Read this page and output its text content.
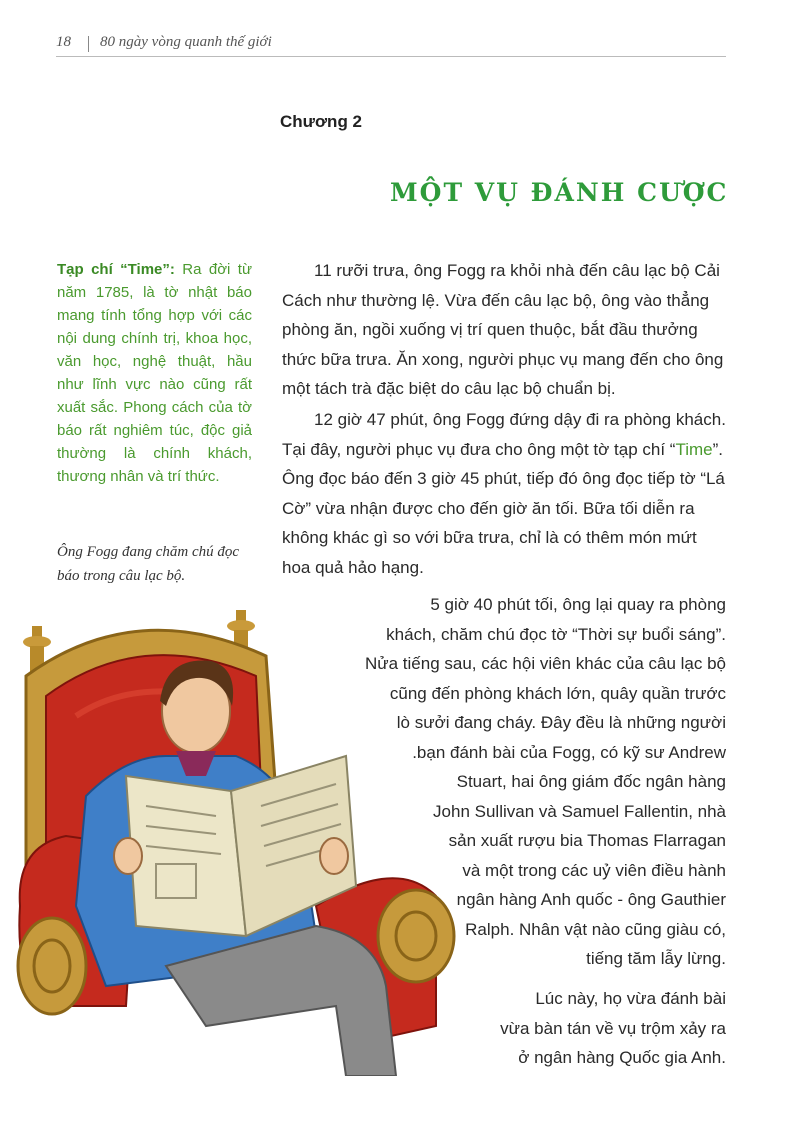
18 80 ngày vòng quanh thế giới
Chương 2
MỘT VỤ ĐÁNH CƯỢC
Tạp chí “Time”: Ra đời từ năm 1785, là tờ nhật báo mang tính tổng hợp với các nội dung chính trị, khoa học, văn học, nghệ thuật, hầu như lĩnh vực nào cũng rất xuất sắc. Phong cách của tờ báo rất nghiêm túc, độc giả thường là chính khách, thương nhân và trí thức.
Ông Fogg đang chăm chú đọc báo trong câu lạc bộ.
11 rưỡi trưa, ông Fogg ra khỏi nhà đến câu lạc bộ Cải Cách như thường lệ. Vừa đến câu lạc bộ, ông vào thẳng phòng ăn, ngồi xuống vị trí quen thuộc, bắt đầu thưởng thức bữa trưa. Ăn xong, người phục vụ mang đến cho ông một tách trà đặc biệt do câu lạc bộ chuẩn bị.
12 giờ 47 phút, ông Fogg đứng dậy đi ra phòng khách. Tại đây, người phục vụ đưa cho ông một tờ tạp chí “Time”. Ông đọc báo đến 3 giờ 45 phút, tiếp đó ông đọc tiếp tờ “Lá Cờ” vừa nhận được cho đến giờ ăn tối. Bữa tối diễn ra không khác gì so với bữa trưa, chỉ là có thêm món mứt hoa quả hảo hạng.
5 giờ 40 phút tối, ông lại quay ra phòng
khách, chăm chú đọc tờ “Thời sự buổi sáng”.
Nửa tiếng sau, các hội viên khác của câu lạc bộ
cũng đến phòng khách lớn, quây quần trước
lò sưởi đang cháy. Đây đều là những người
.bạn đánh bài của Fogg, có kỹ sư Andrew
Stuart, hai ông giám đốc ngân hàng
John Sullivan và Samuel Fallentin, nhà
sản xuất rượu bia Thomas Flarragan
và một trong các uỷ viên điều hành
ngân hàng Anh quốc - ông Gauthier
Ralph. Nhân vật nào cũng giàu có,
tiếng tăm lẫy lừng.
Lúc này, họ vừa đánh bài
vừa bàn tán về vụ trộm xảy ra
ở ngân hàng Quốc gia Anh.
